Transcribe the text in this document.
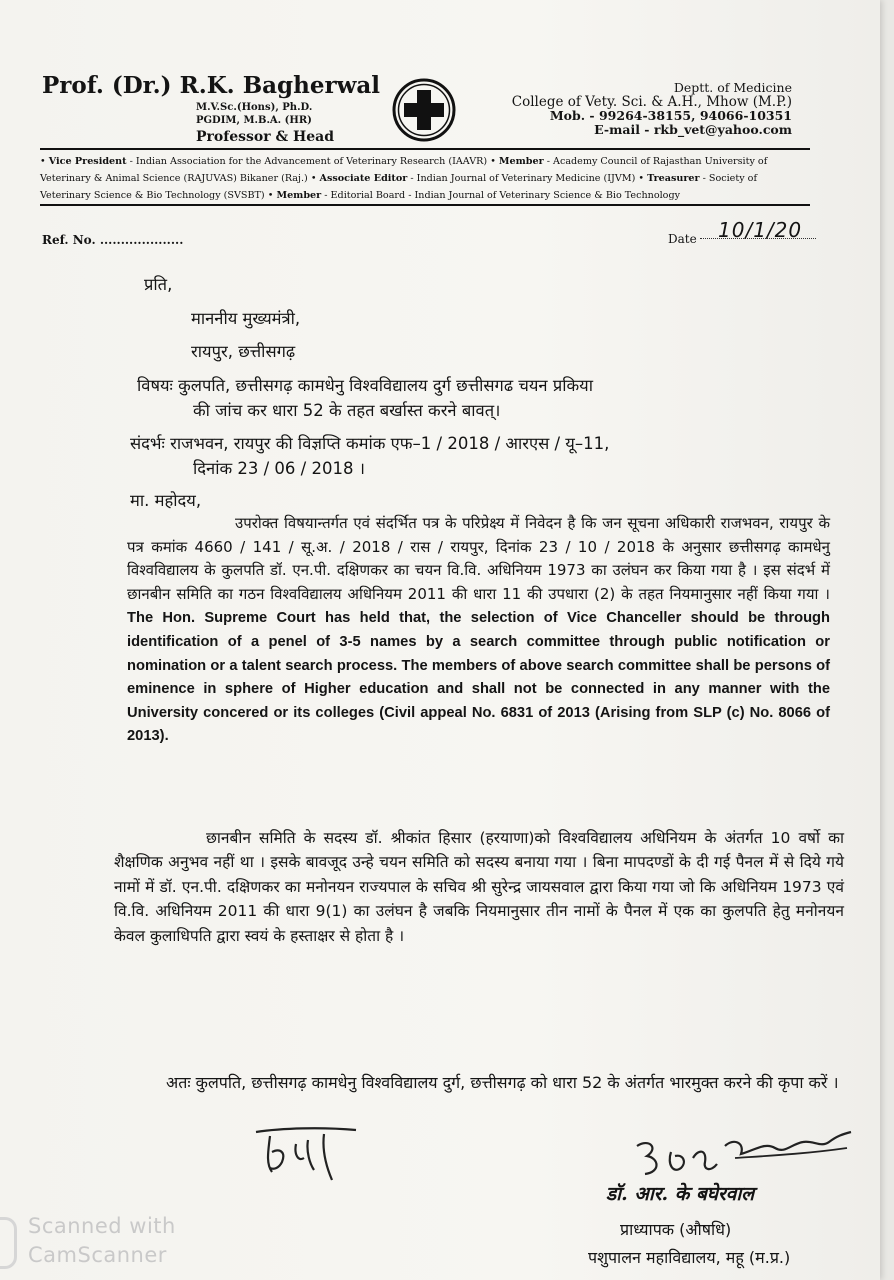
Prof. (Dr.) R.K. Bagherwal
M.V.Sc.(Hons), Ph.D.
PGDIM, M.B.A. (HR)
Professor & Head
Deptt. of Medicine
College of Vety. Sci. & A.H., Mhow (M.P.)
Mob. - 99264-38155, 94066-10351
E-mail - rkb_vet@yahoo.com
• Vice President - Indian Association for the Advancement of Veterinary Research (IAAVR) • Member - Academy Council of Rajasthan University of Veterinary & Animal Science (RAJUVAS) Bikaner (Raj.) • Associate Editor - Indian Journal of Veterinary Medicine (IJVM) • Treasurer - Society of Veterinary Science & Bio Technology (SVSBT) • Member - Editorial Board - Indian Journal of Veterinary Science & Bio Technology
Ref. No. ....................	Date 10/1/20
प्रति,
माननीय मुख्यमंत्री,
रायपुर, छत्तीसगढ़
विषयः कुलपति, छत्तीसगढ़ कामधेनु विश्वविद्यालय दुर्ग छत्तीसगढ चयन प्रकिया
की जांच कर धारा 52 के तहत बर्खास्त करने बावत्।
संदर्भः राजभवन, रायपुर की विज्ञप्ति कमांक एफ–1 / 2018 / आरएस / यू–11,
दिनांक 23 / 06 / 2018 ।
मा. महोदय,
उपरोक्त विषयान्तर्गत एवं संदर्भित पत्र के परिप्रेक्ष्य में निवेदन है कि जन सूचना अधिकारी राजभवन, रायपुर के पत्र कमांक 4660 / 141 / सू.अ. / 2018 / रास / रायपुर, दिनांक 23 / 10 / 2018 के अनुसार छत्तीसगढ़ कामधेनु विश्वविद्यालय के कुलपति डॉ. एन.पी. दक्षिणकर का चयन वि.वि. अधिनियम 1973 का उलंघन कर किया गया है । इस संदर्भ में छानबीन समिति का गठन विश्वविद्यालय अधिनियम 2011 की धारा 11 की उपधारा (2) के तहत नियमानुसार नहीं किया गया । The Hon. Supreme Court has held that, the selection of Vice Chanceller should be through identification of a penel of 3-5 names by a search committee through public notification or nomination or a talent search process. The members of above search committee shall be persons of eminence in sphere of Higher education and shall not be connected in any manner with the University concered or its colleges (Civil appeal No. 6831 of 2013 (Arising from SLP (c) No. 8066 of 2013).
छानबीन समिति के सदस्य डॉ. श्रीकांत हिसार (हरयाणा)को विश्वविद्यालय अधिनियम के अंतर्गत 10 वर्षो का शैक्षणिक अनुभव नहीं था । इसके बावजूद उन्हे चयन समिति को सदस्य बनाया गया । बिना मापदण्डों के दी गई पैनल में से दिये गये नामों में डॉ. एन.पी. दक्षिणकर का मनोनयन राज्यपाल के सचिव श्री सुरेन्द्र जायसवाल द्वारा किया गया जो कि अधिनियम 1973 एवं वि.वि. अधिनियम 2011 की धारा 9(1) का उलंघन है जबकि नियमानुसार तीन नामों के पैनल में एक का कुलपति हेतु मनोनयन केवल कुलाधिपति द्वारा स्वयं के हस्ताक्षर से होता है ।
अतः कुलपति, छत्तीसगढ़ कामधेनु विश्वविद्यालय दुर्ग, छत्तीसगढ़ को धारा 52 के अंतर्गत भारमुक्त करने की कृपा करें ।
डॉ. आर. के बघेरवाल
प्राध्यापक (औषधि)
पशुपालन महाविद्यालय, महू (म.प्र.)
Scanned with
CamScanner
